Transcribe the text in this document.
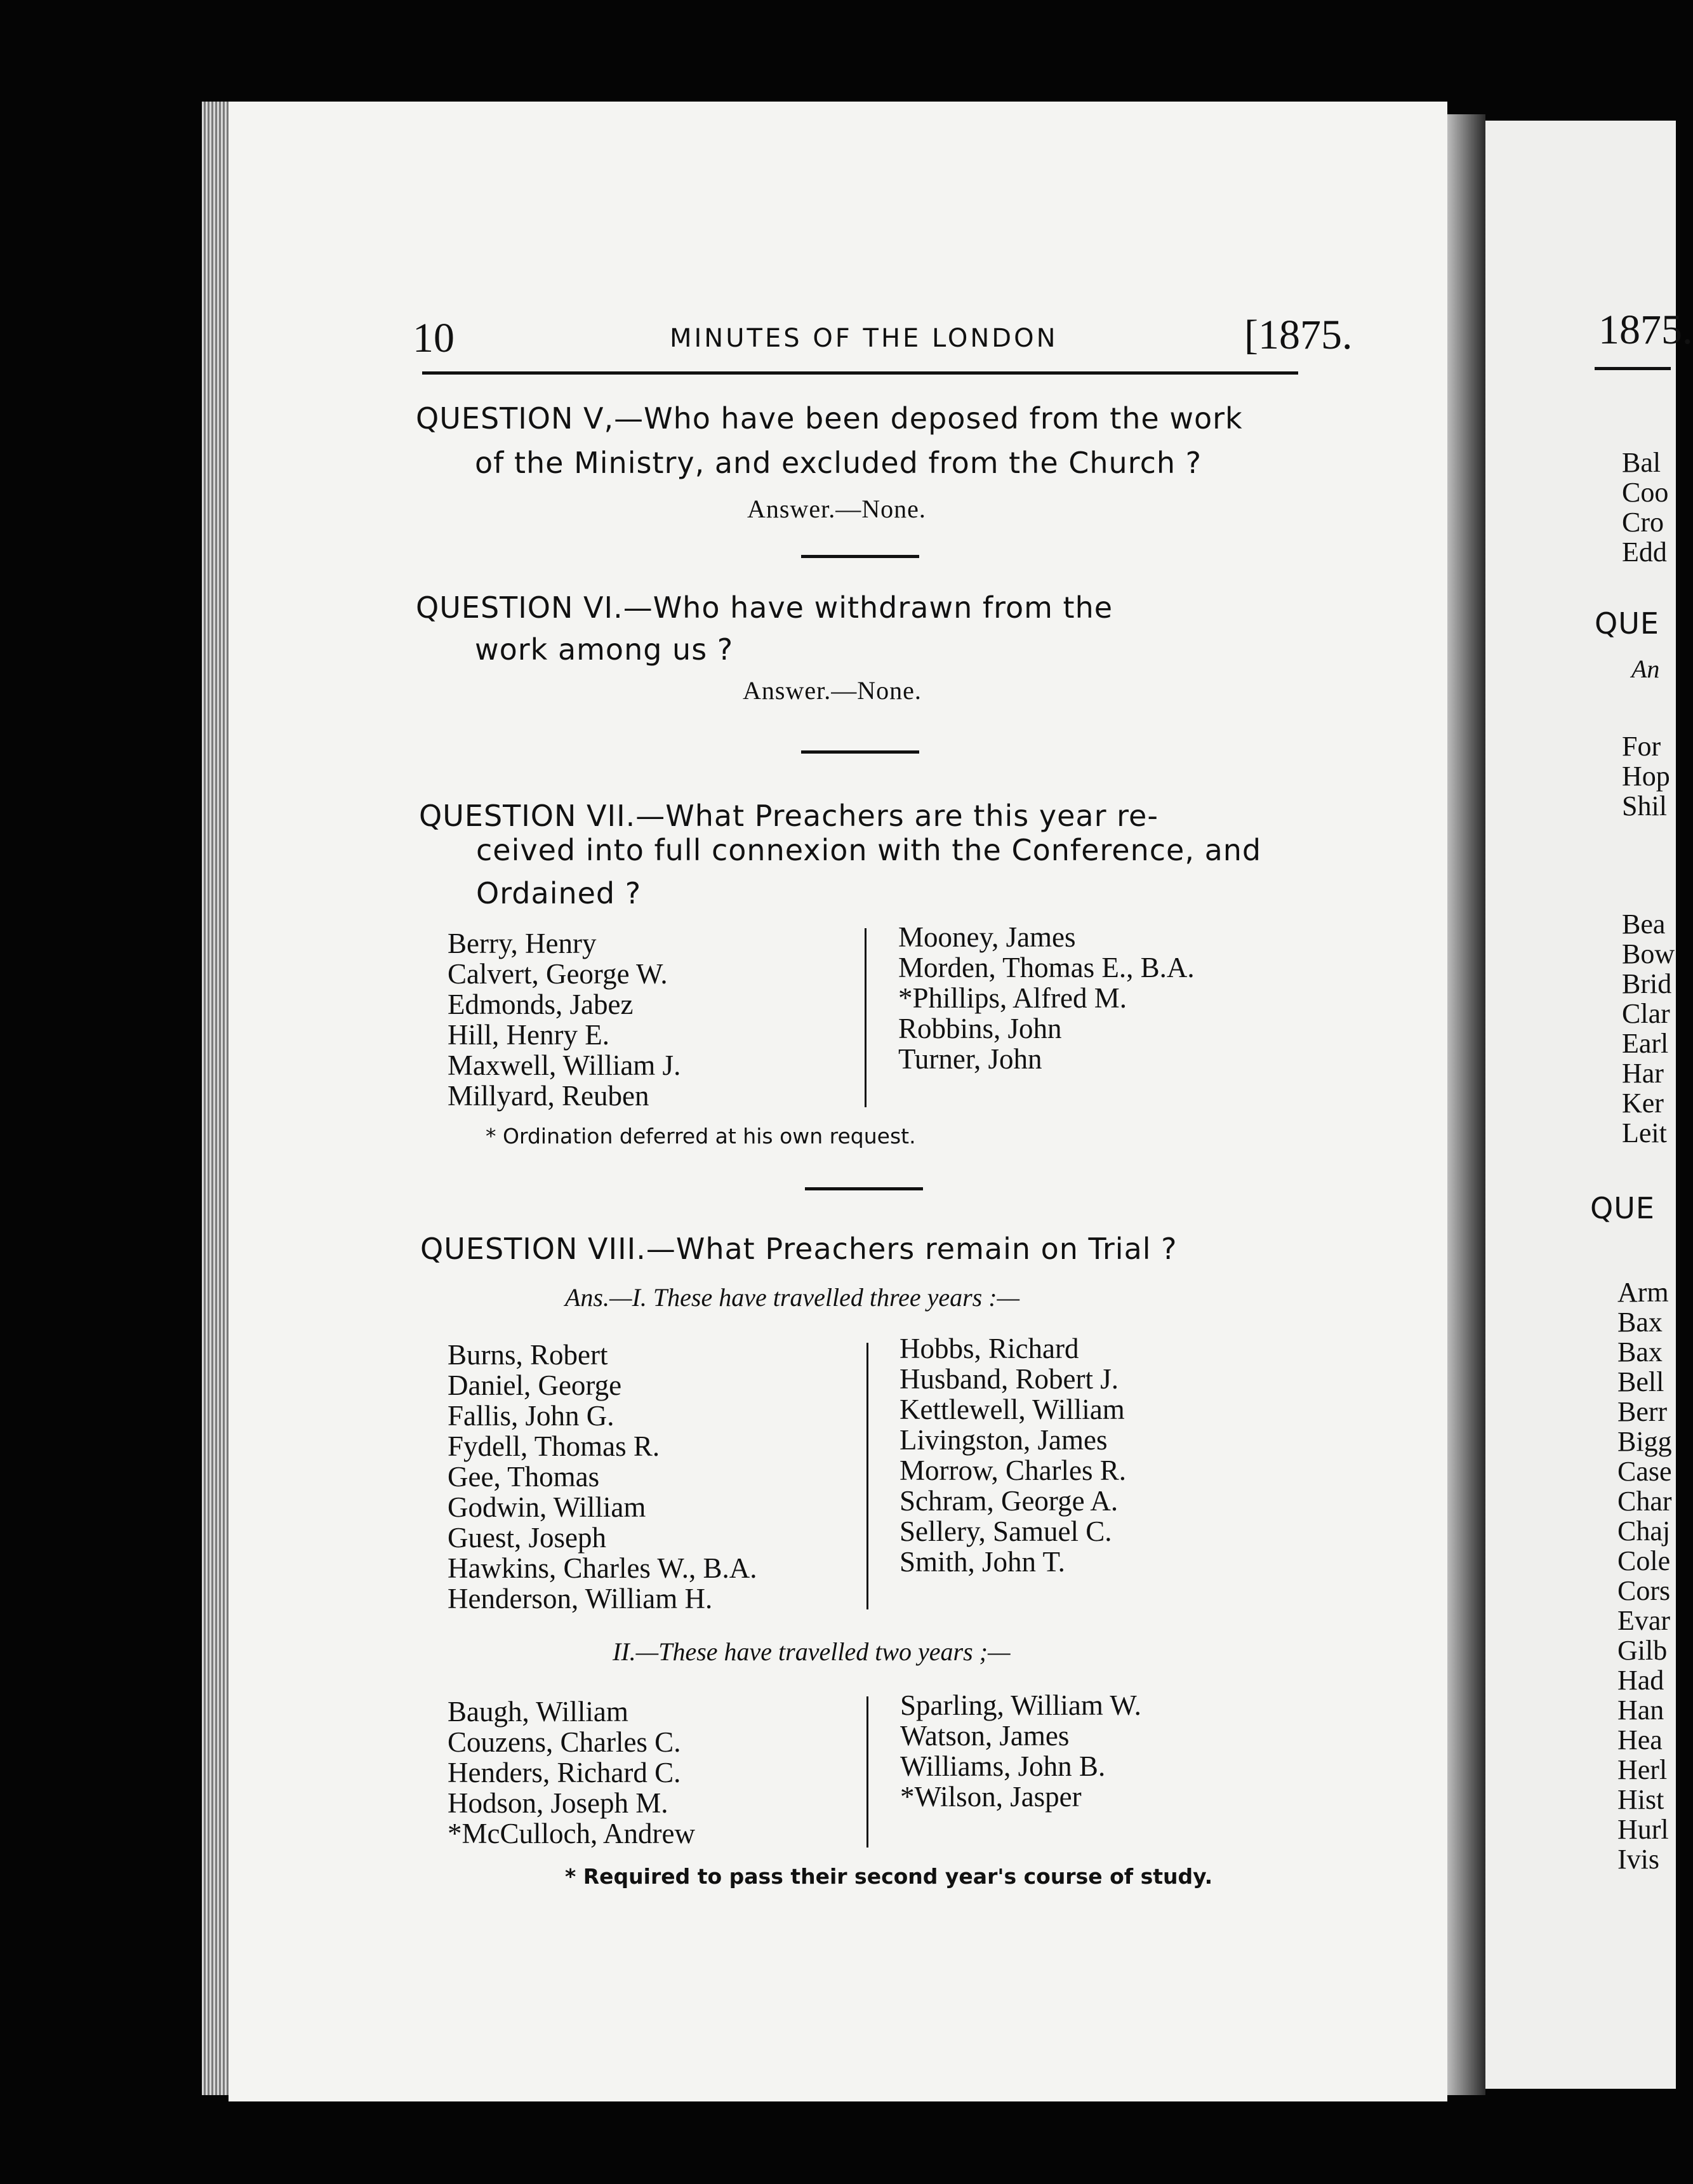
10	MINUTES OF THE LONDON	[1875.
QUESTION V,—Who have been deposed from the work
of the Ministry, and excluded from the Church ?
Answer.—None.
QUESTION VI.—Who have withdrawn from the
work among us ?
Answer.—None.
QUESTION VII.—What Preachers are this year re-
ceived into full connexion with the Conference, and
Ordained ?
Berry, Henry
Calvert, George W.
Edmonds, Jabez
Hill, Henry E.
Maxwell, William J.
Millyard, Reuben
Mooney, James
Morden, Thomas E., B.A.
*Phillips, Alfred M.
Robbins, John
Turner, John
* Ordination deferred at his own request.
QUESTION VIII.—What Preachers remain on Trial ?
Ans.—I. These have travelled three years :—
Burns, Robert
Daniel, George
Fallis, John G.
Fydell, Thomas R.
Gee, Thomas
Godwin, William
Guest, Joseph
Hawkins, Charles W., B.A.
Henderson, William H.
Hobbs, Richard
Husband, Robert J.
Kettlewell, William
Livingston, James
Morrow, Charles R.
Schram, George A.
Sellery, Samuel C.
Smith, John T.
II.—These have travelled two years ;—
Baugh, William
Couzens, Charles C.
Henders, Richard C.
Hodson, Joseph M.
*McCulloch, Andrew
Sparling, William W.
Watson, James
Williams, John B.
*Wilson, Jasper
* Required to pass their second year's course of study.
1875.
Bal
Coo
Cro
Edd
QUE
An
For
Hop
Shil
Bea
Bow
Brid
Clar
Earl
Har
Ker
Leit
QUE
Arm
Bax
Bax
Bell
Berr
Bigg
Case
Char
Chaj
Cole
Cors
Evar
Gilb
Had
Han
Hea
Herl
Hist
Hurl
Ivis
